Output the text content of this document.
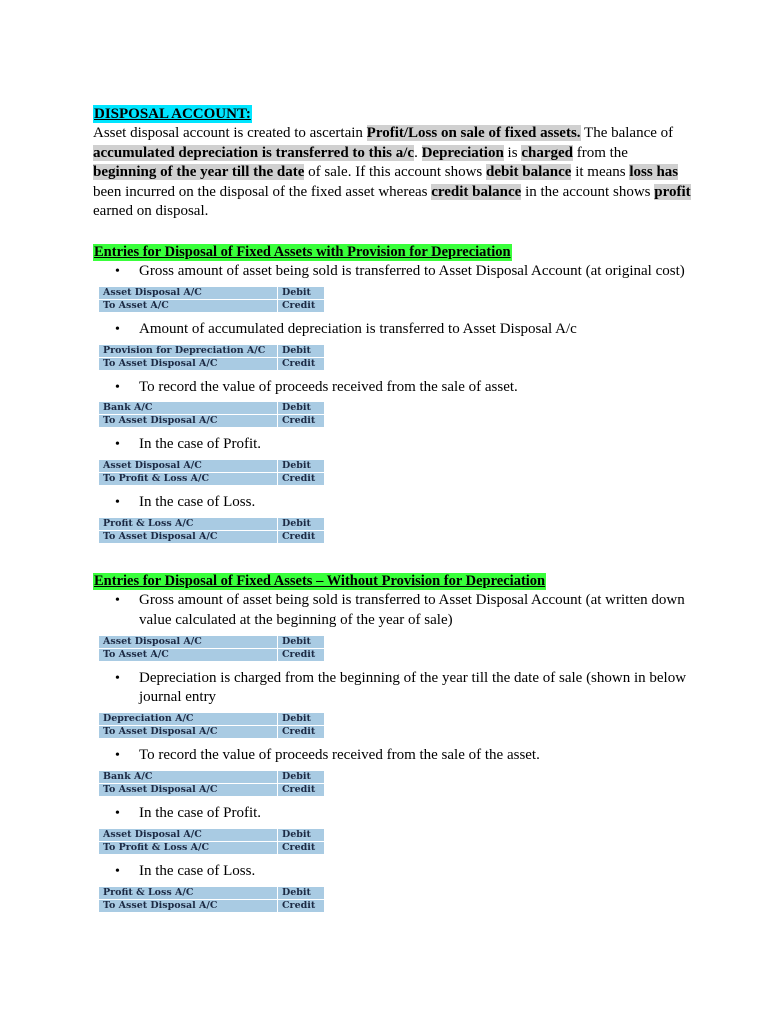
DISPOSAL ACCOUNT:
Asset disposal account is created to ascertain Profit/Loss on sale of fixed assets. The balance of accumulated depreciation is transferred to this a/c. Depreciation is charged from the beginning of the year till the date of sale. If this account shows debit balance it means loss has been incurred on the disposal of the fixed asset whereas credit balance in the account shows profit earned on disposal.
Entries for Disposal of Fixed Assets with Provision for Depreciation
• Gross amount of asset being sold is transferred to Asset Disposal Account (at original cost)
Asset Disposal A/C	Debit
To Asset A/C	Credit
• Amount of accumulated depreciation is transferred to Asset Disposal A/c
Provision for Depreciation A/C	Debit
To Asset Disposal A/C	Credit
• To record the value of proceeds received from the sale of asset.
Bank A/C	Debit
To Asset Disposal A/C	Credit
• In the case of Profit.
Asset Disposal A/C	Debit
To Profit & Loss A/C	Credit
• In the case of Loss.
Profit & Loss A/C	Debit
To Asset Disposal A/C	Credit
Entries for Disposal of Fixed Assets – Without Provision for Depreciation
• Gross amount of asset being sold is transferred to Asset Disposal Account (at written down value calculated at the beginning of the year of sale)
Asset Disposal A/C	Debit
To Asset A/C	Credit
• Depreciation is charged from the beginning of the year till the date of sale (shown in below journal entry
Depreciation A/C	Debit
To Asset Disposal A/C	Credit
• To record the value of proceeds received from the sale of the asset.
Bank A/C	Debit
To Asset Disposal A/C	Credit
• In the case of Profit.
Asset Disposal A/C	Debit
To Profit & Loss A/C	Credit
• In the case of Loss.
Profit & Loss A/C	Debit
To Asset Disposal A/C	Credit
